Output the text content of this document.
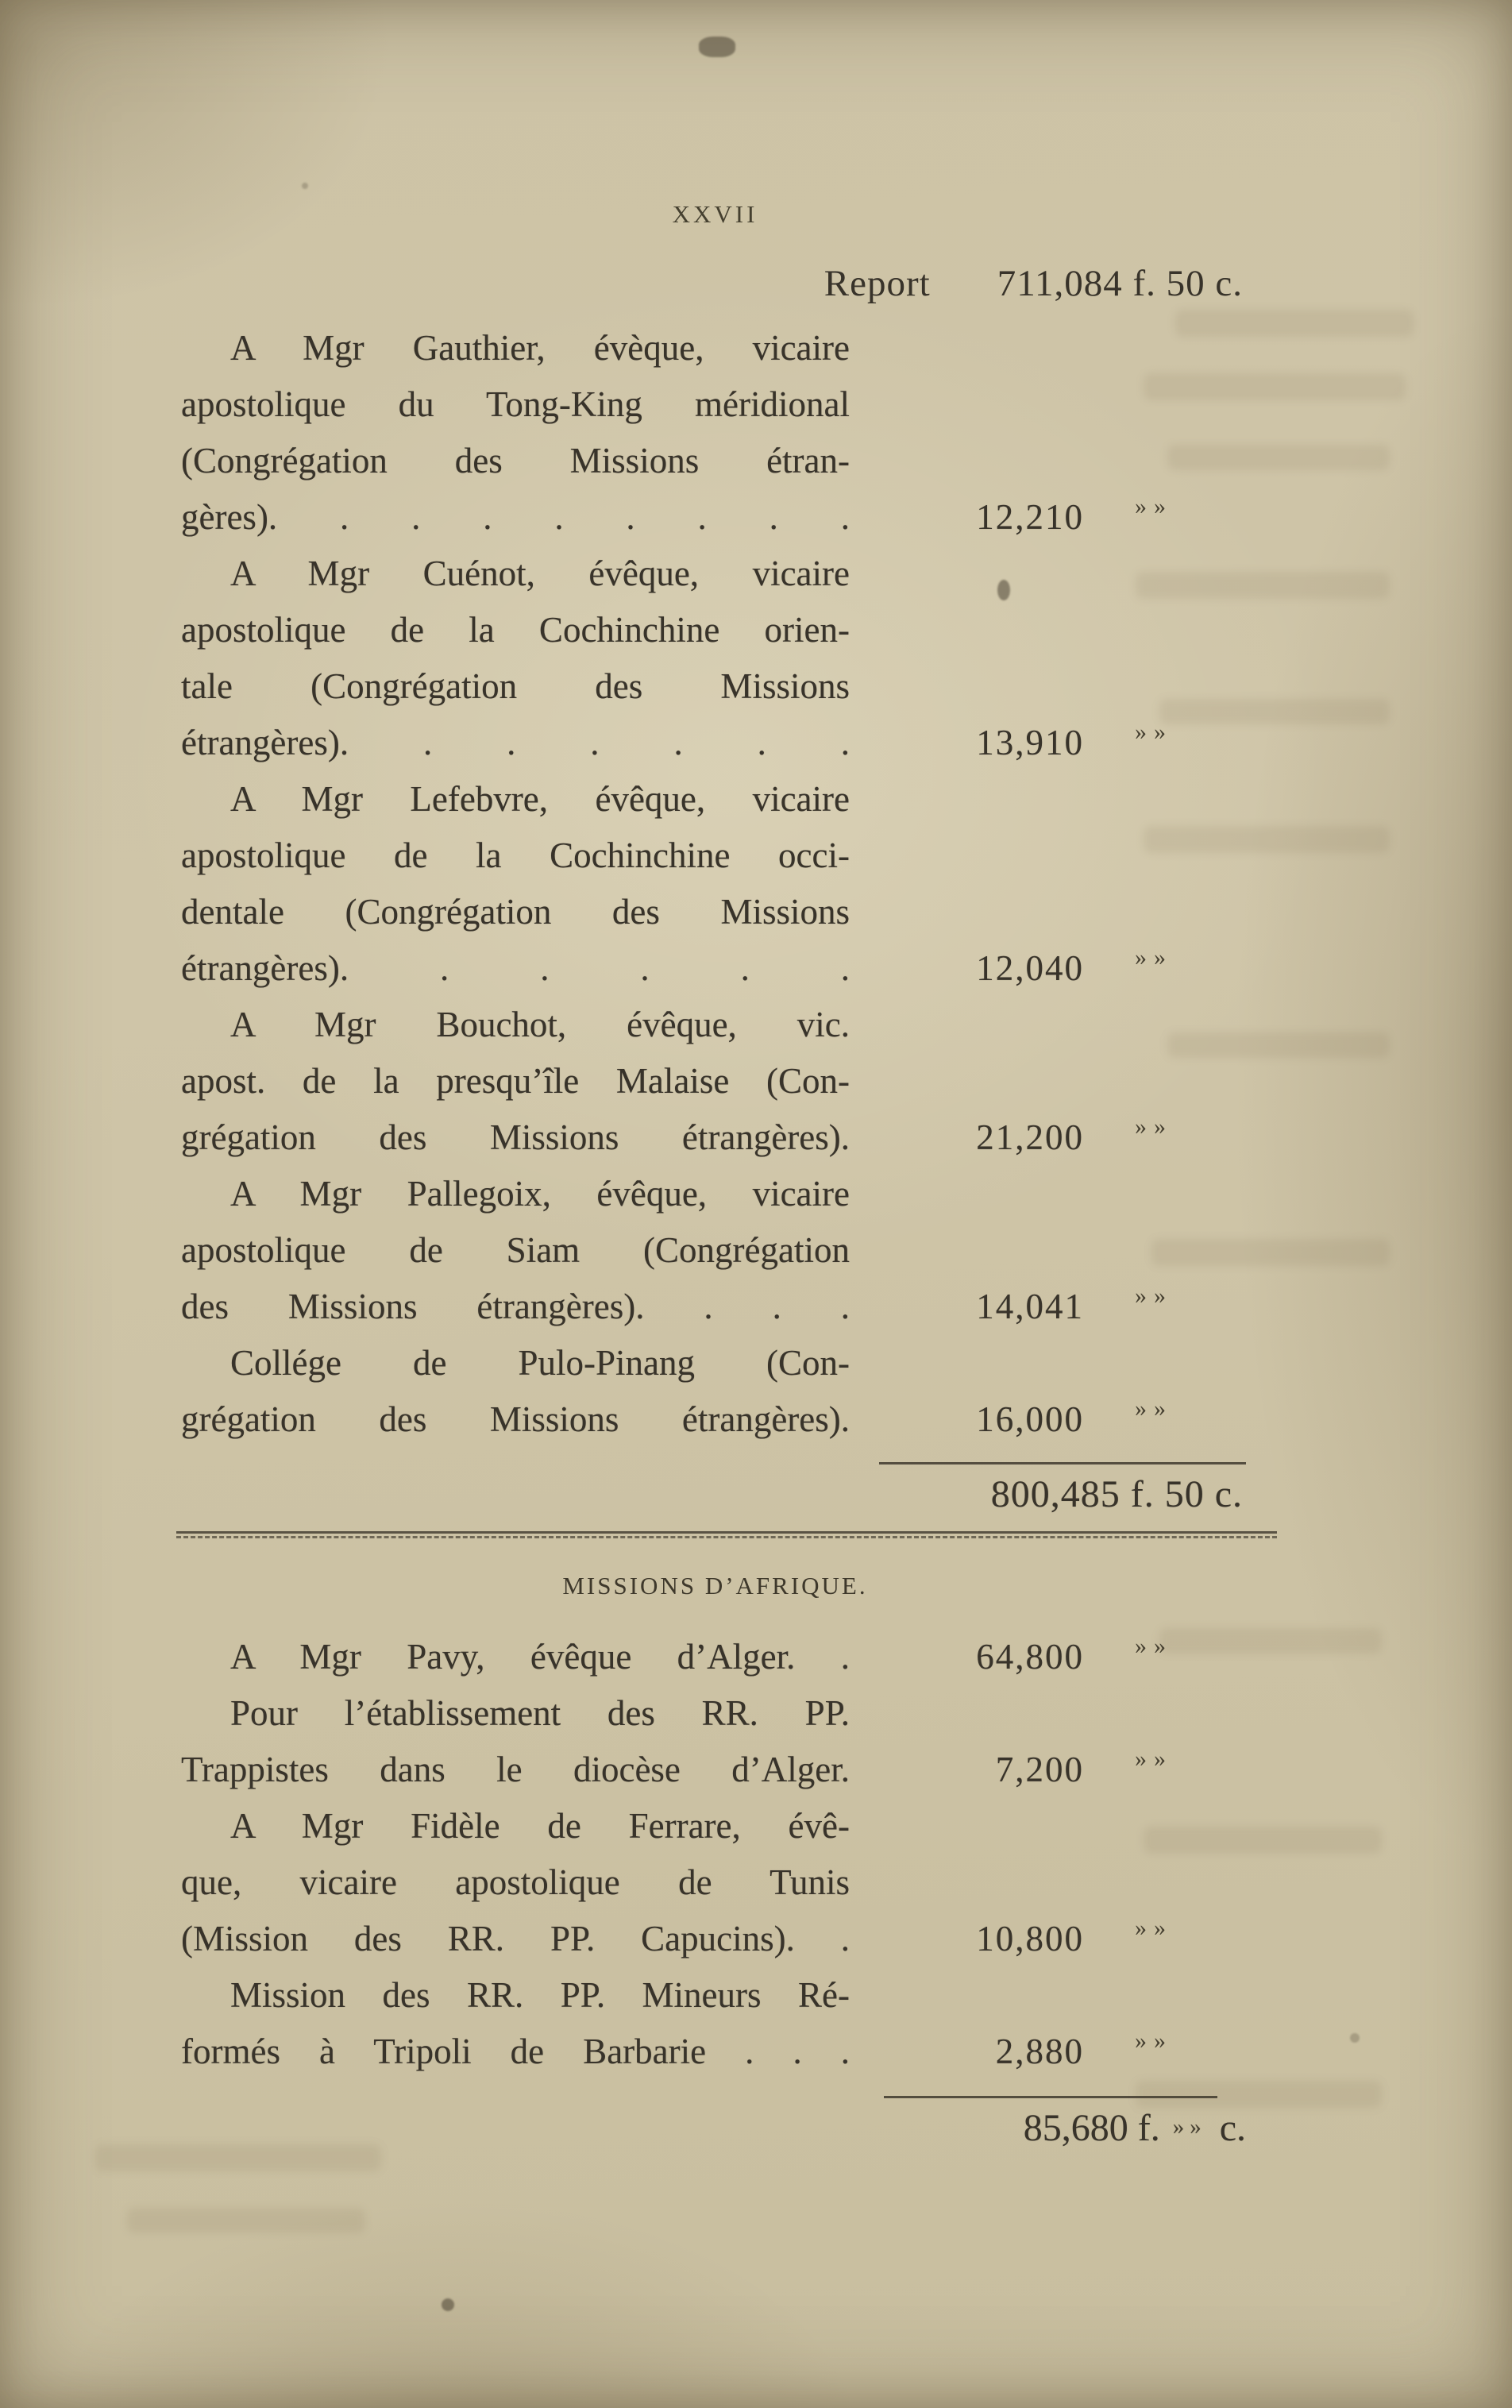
XXVII
Report 711,084 f. 50 c.

A Mgr Gauthier, évèque, vicaire
apostolique du Tong-King méridional
(Congrégation des Missions étran-
gères). . . . . . . . .	12,210 »»

A Mgr Cuénot, évêque, vicaire
apostolique de la Cochinchine orien-
tale (Congrégation des Missions
étrangères). . . . . . .	13,910 »»

A Mgr Lefebvre, évêque, vicaire
apostolique de la Cochinchine occi-
dentale (Congrégation des Missions
étrangères). . . . . .	12,040 »»

A Mgr Bouchot, évêque, vic.
apost. de la presqu’île Malaise (Con-
grégation des Missions étrangères).	21,200 »»

A Mgr Pallegoix, évêque, vicaire
apostolique de Siam (Congrégation
des Missions étrangères). . . .	14,041 »»

Collége de Pulo-Pinang (Con-
grégation des Missions étrangères).	16,000 »»
800,485 f. 50 c.
MISSIONS D’AFRIQUE.

A Mgr Pavy, évêque d’Alger. .	64,800 »»

Pour l’établissement des RR. PP.
Trappistes dans le diocèse d’Alger.	7,200 »»

A Mgr Fidèle de Ferrare, évê-
que, vicaire apostolique de Tunis
(Mission des RR. PP. Capucins). .	10,800 »»

Mission des RR. PP. Mineurs Ré-
formés à Tripoli de Barbarie . . .	2,880 »»
85,680 f. »» c.
